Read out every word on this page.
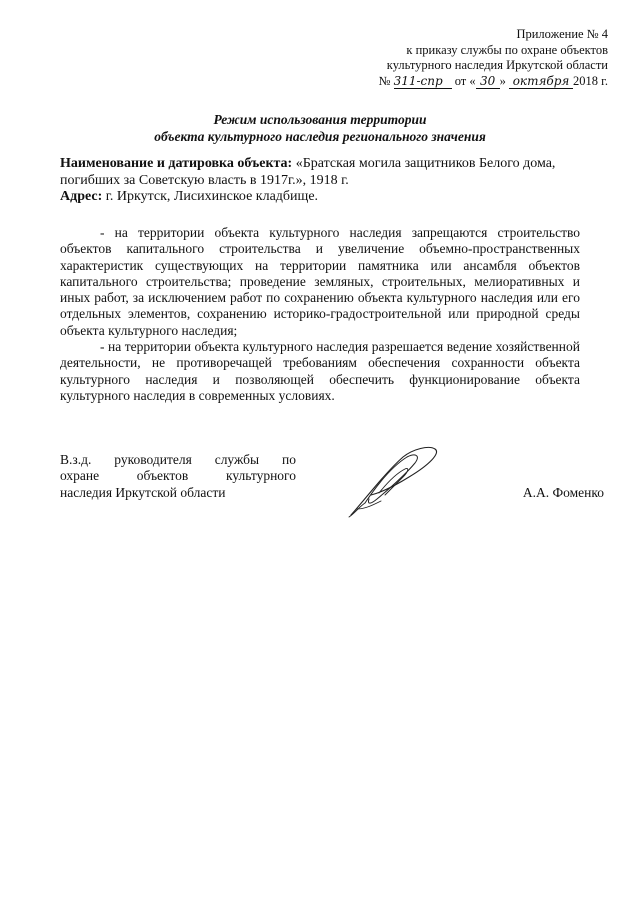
Приложение № 4
к приказу службы по охране объектов
культурного наследия Иркутской области
№ 311-спр от « 30 » октября 2018 г.
Режим использования территории
объекта культурного наследия регионального значения
Наименование и датировка объекта: «Братская могила защитников Белого дома, погибших за Советскую власть в 1917г.», 1918 г.
Адрес: г. Иркутск, Лисихинское кладбище.

- на территории объекта культурного наследия запрещаются строительство объектов капитального строительства и увеличение объемно-пространственных характеристик существующих на территории памятника или ансамбля объектов капитального строительства; проведение земляных, строительных, мелиоративных и иных работ, за исключением работ по сохранению объекта культурного наследия или его отдельных элементов, сохранению историко-градостроительной или природной среды объекта культурного наследия;

- на территории объекта культурного наследия разрешается ведение хозяйственной деятельности, не противоречащей требованиям обеспечения сохранности объекта культурного наследия и позволяющей обеспечить функционирование объекта культурного наследия в современных условиях.

В.з.д. руководителя службы по
охране объектов культурного
наследия Иркутской области	А.А. Фоменко
